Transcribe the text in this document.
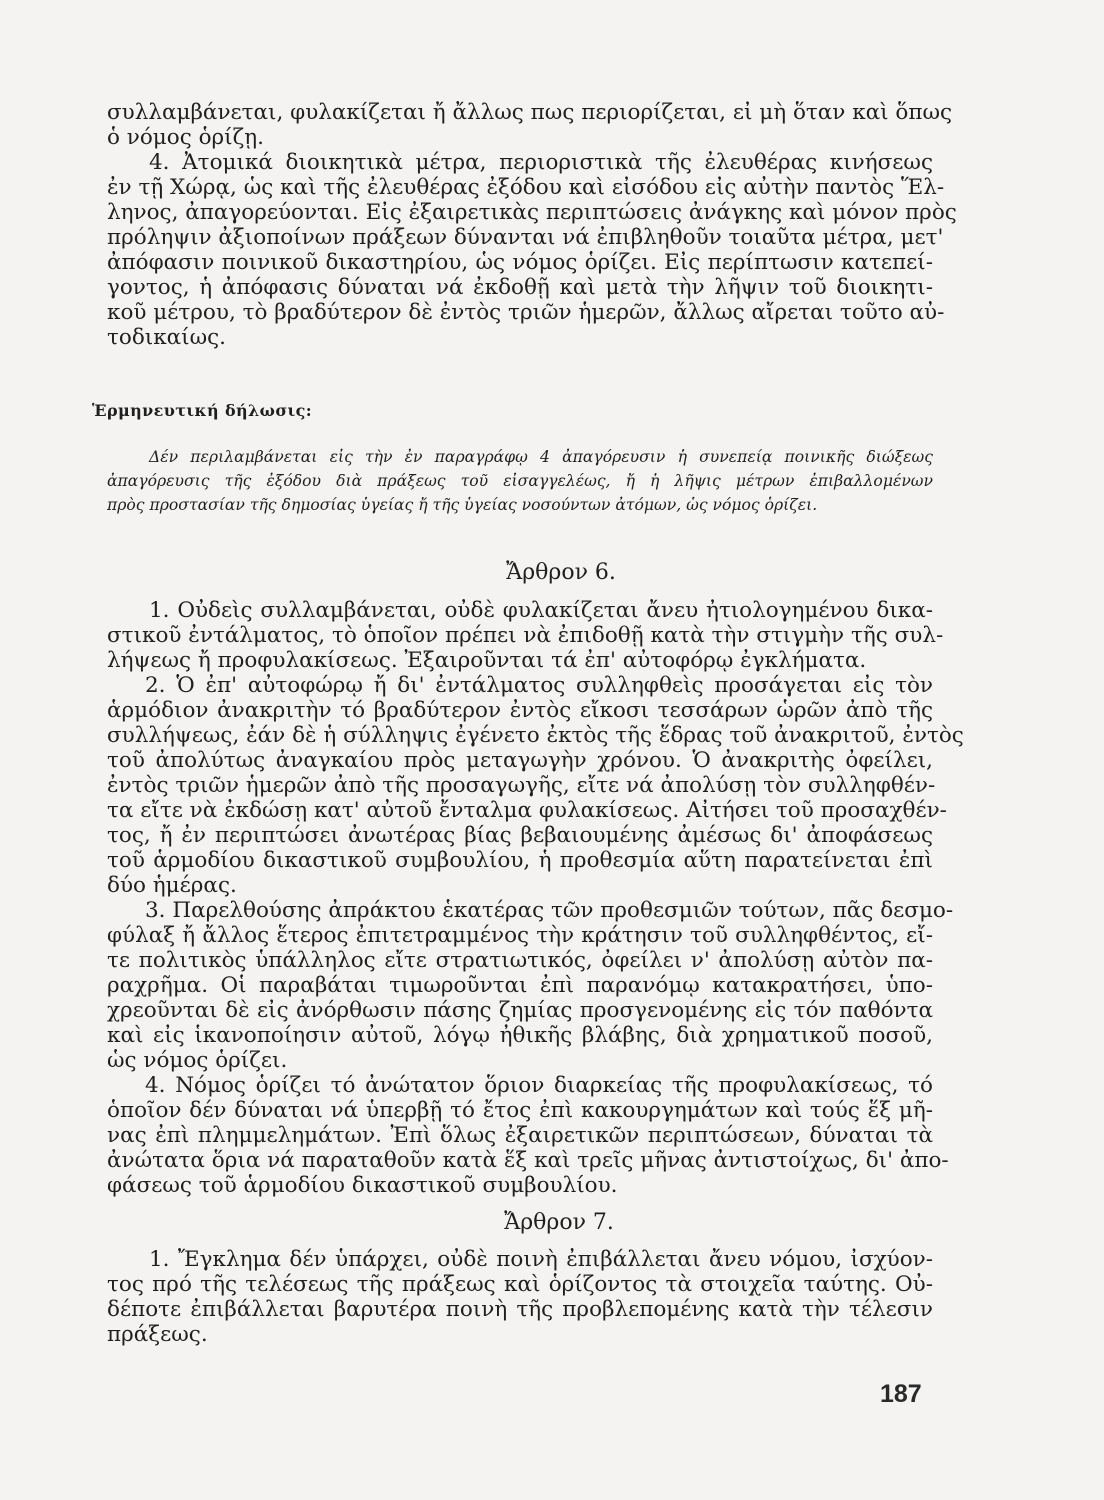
συλλαμβάνεται, φυλακίζεται ἤ ἄλλως πως περιορίζεται, εἰ μὴ ὅταν καὶ ὅπως
ὁ νόμος ὁρίζῃ.
4. Ἀτομικά διοικητικὰ μέτρα, περιοριστικὰ τῆς ἐλευθέρας κινήσεως
ἐν τῇ Χώρᾳ, ὡς καὶ τῆς ἐλευθέρας ἐξόδου καὶ εἰσόδου εἰς αὐτὴν παντὸς Ἕλ-
ληνος, ἀπαγορεύονται. Εἰς ἐξαιρετικὰς περιπτώσεις ἀνάγκης καὶ μόνον πρὸς
πρόληψιν ἀξιοποίνων πράξεων δύνανται νά ἐπιβληθοῦν τοιαῦτα μέτρα, μετ'
ἀπόφασιν ποινικοῦ δικαστηρίου, ὡς νόμος ὁρίζει. Εἰς περίπτωσιν κατεπεί-
γοντος, ἡ ἀπόφασις δύναται νά ἐκδοθῇ καὶ μετὰ τὴν λῆψιν τοῦ διοικητι-
κοῦ μέτρου, τὸ βραδύτερον δὲ ἐντὸς τριῶν ἡμερῶν, ἄλλως αἴρεται τοῦτο αὐ-
τοδικαίως.
Ἑρμηνευτική δήλωσις:
Δέν περιλαμβάνεται εἰς τὴν ἐν παραγράφῳ 4 ἀπαγόρευσιν ἡ συνεπείᾳ ποινικῆς διώξεως
ἀπαγόρευσις τῆς ἐξόδου διὰ πράξεως τοῦ εἰσαγγελέως, ἤ ἡ λῆψις μέτρων ἐπιβαλλομένων
πρὸς προστασίαν τῆς δημοσίας ὑγείας ἤ τῆς ὑγείας νοσούντων ἀτόμων, ὡς νόμος ὁρίζει.
Ἄρθρον 6.
1. Οὐδεὶς συλλαμβάνεται, οὐδὲ φυλακίζεται ἄνευ ἠτιολογημένου δικα-
στικοῦ ἐντάλματος, τὸ ὁποῖον πρέπει νὰ ἐπιδοθῇ κατὰ τὴν στιγμὴν τῆς συλ-
λήψεως ἤ προφυλακίσεως. Ἐξαιροῦνται τά ἐπ' αὐτοφόρῳ ἐγκλήματα.
2. Ὁ ἐπ' αὐτοφώρῳ ἤ δι' ἐντάλματος συλληφθεὶς προσάγεται εἰς τὸν
ἁρμόδιον ἀνακριτὴν τό βραδύτερον ἐντὸς εἴκοσι τεσσάρων ὡρῶν ἀπὸ τῆς
συλλήψεως, ἐάν δὲ ἡ σύλληψις ἐγένετο ἐκτὸς τῆς ἕδρας τοῦ ἀνακριτοῦ, ἐντὸς
τοῦ ἀπολύτως ἀναγκαίου πρὸς μεταγωγὴν χρόνου. Ὁ ἀνακριτὴς ὀφείλει,
ἐντὸς τριῶν ἡμερῶν ἀπὸ τῆς προσαγωγῆς, εἴτε νά ἀπολύσῃ τὸν συλληφθέν-
τα εἴτε νὰ ἐκδώσῃ κατ' αὐτοῦ ἔνταλμα φυλακίσεως. Αἰτήσει τοῦ προσαχθέν-
τος, ἤ ἐν περιπτώσει ἀνωτέρας βίας βεβαιουμένης ἀμέσως δι' ἀποφάσεως
τοῦ ἁρμοδίου δικαστικοῦ συμβουλίου, ἡ προθεσμία αὕτη παρατείνεται ἐπὶ
δύο ἡμέρας.
3. Παρελθούσης ἀπράκτου ἑκατέρας τῶν προθεσμιῶν τούτων, πᾶς δεσμο-
φύλαξ ἤ ἄλλος ἕτερος ἐπιτετραμμένος τὴν κράτησιν τοῦ συλληφθέντος, εἴ-
τε πολιτικὸς ὑπάλληλος εἴτε στρατιωτικός, ὀφείλει ν' ἀπολύσῃ αὐτὸν πα-
ραχρῆμα. Οἱ παραβάται τιμωροῦνται ἐπὶ παρανόμῳ κατακρατήσει, ὑπο-
χρεοῦνται δὲ εἰς ἀνόρθωσιν πάσης ζημίας προσγενομένης εἰς τόν παθόντα
καὶ εἰς ἱκανοποίησιν αὐτοῦ, λόγῳ ἠθικῆς βλάβης, διὰ χρηματικοῦ ποσοῦ,
ὡς νόμος ὁρίζει.
4. Νόμος ὁρίζει τό ἀνώτατον ὅριον διαρκείας τῆς προφυλακίσεως, τό
ὁποῖον δέν δύναται νά ὑπερβῇ τό ἔτος ἐπὶ κακουργημάτων καὶ τούς ἕξ μῆ-
νας ἐπὶ πλημμελημάτων. Ἐπὶ ὅλως ἐξαιρετικῶν περιπτώσεων, δύναται τὰ
ἀνώτατα ὅρια νά παραταθοῦν κατὰ ἕξ καὶ τρεῖς μῆνας ἀντιστοίχως, δι' ἀπο-
φάσεως τοῦ ἁρμοδίου δικαστικοῦ συμβουλίου.
Ἄρθρον 7.
1. Ἔγκλημα δέν ὑπάρχει, οὐδὲ ποινὴ ἐπιβάλλεται ἄνευ νόμου, ἰσχύον-
τος πρό τῆς τελέσεως τῆς πράξεως καὶ ὁρίζοντος τὰ στοιχεῖα ταύτης. Οὐ-
δέποτε ἐπιβάλλεται βαρυτέρα ποινὴ τῆς προβλεπομένης κατὰ τὴν τέλεσιν
πράξεως.
187
